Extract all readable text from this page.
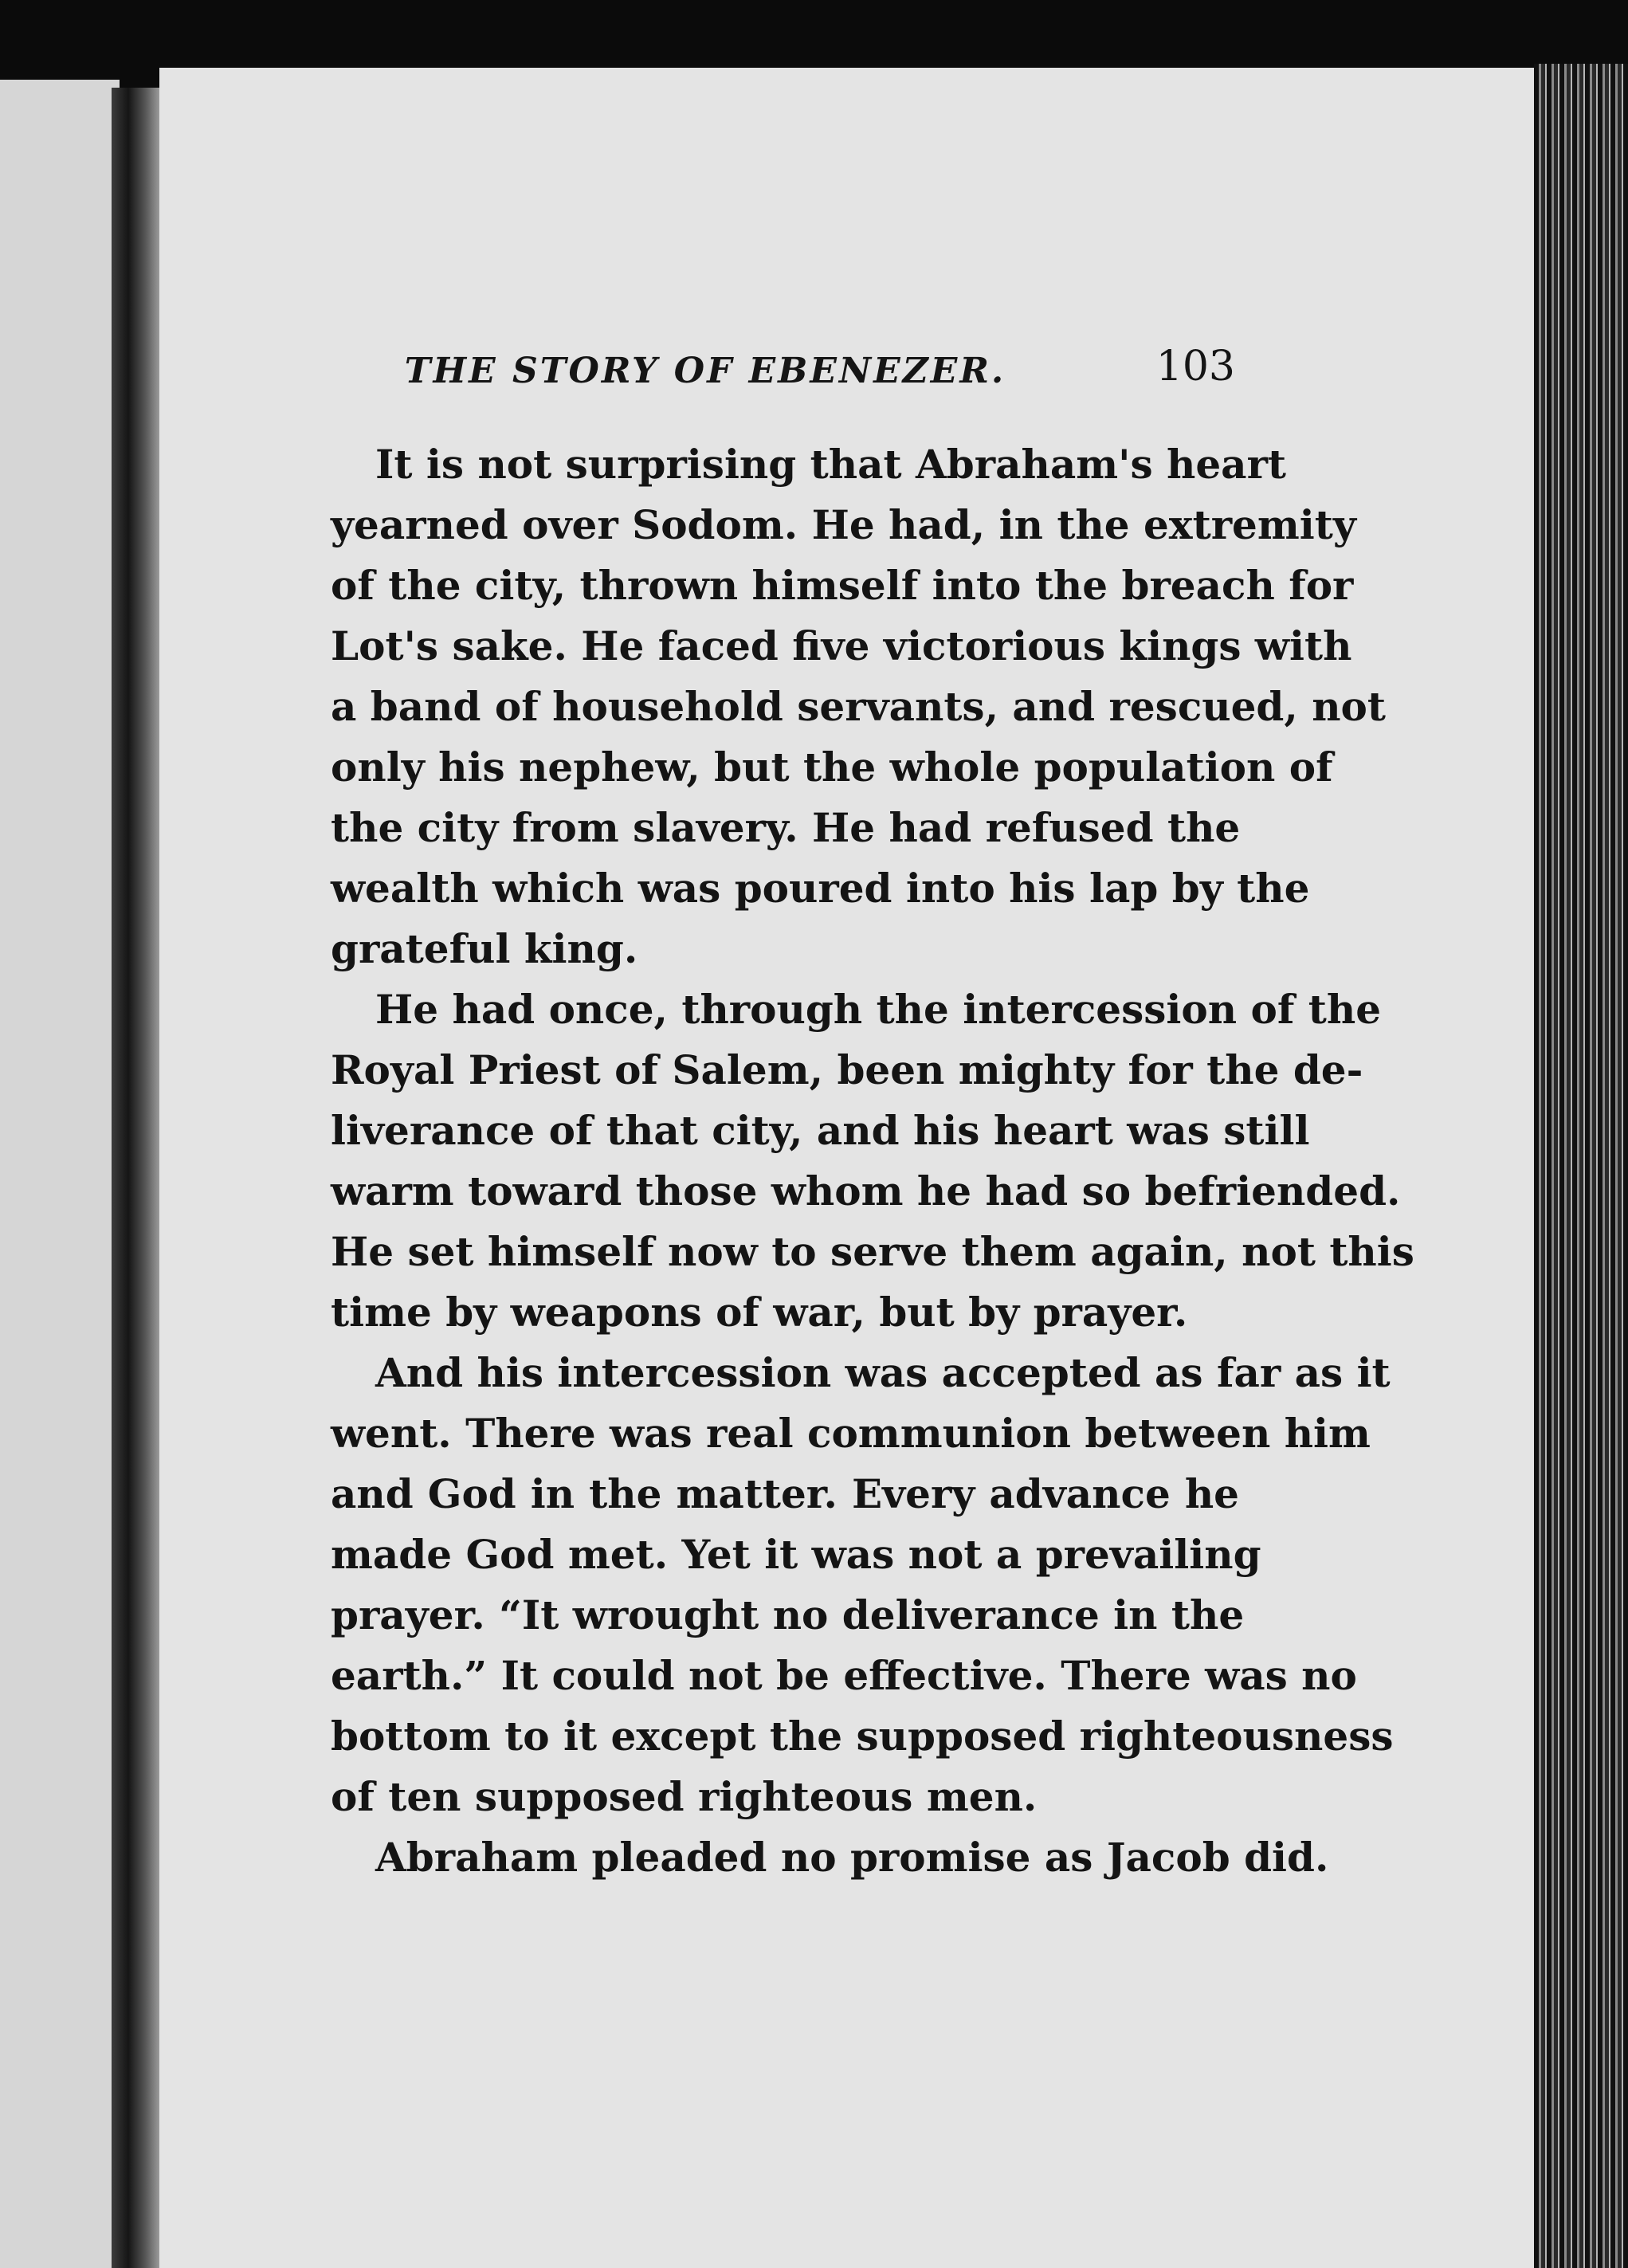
THE STORY OF EBENEZER.	103
It is not surprising that Abraham's heart
yearned over Sodom. He had, in the extremity
of the city, thrown himself into the breach for
Lot's sake. He faced five victorious kings with
a band of household servants, and rescued, not
only his nephew, but the whole population of
the city from slavery. He had refused the
wealth which was poured into his lap by the
grateful king.
He had once, through the intercession of the
Royal Priest of Salem, been mighty for the de-
liverance of that city, and his heart was still
warm toward those whom he had so befriended.
He set himself now to serve them again, not this
time by weapons of war, but by prayer.
And his intercession was accepted as far as it
went. There was real communion between him
and God in the matter. Every advance he
made God met. Yet it was not a prevailing
prayer. “It wrought no deliverance in the
earth.” It could not be effective. There was no
bottom to it except the supposed righteousness
of ten supposed righteous men.
Abraham pleaded no promise as Jacob did.
